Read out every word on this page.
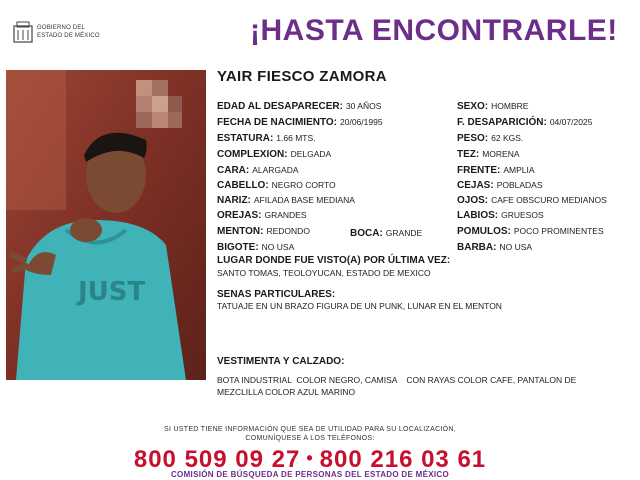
GOBIERNO DEL
ESTADO DE MÉXICO	¡HASTA ENCONTRARLE!
JUST
YAIR FIESCO ZAMORA
EDAD AL DESAPARECER: 30 AÑOS
FECHA DE NACIMIENTO: 20/06/1995
ESTATURA: 1.66 MTS.
COMPLEXION: DELGADA
CARA: ALARGADA
CABELLO: NEGRO CORTO
NARIZ: AFILADA BASE MEDIANA
OREJAS: GRANDES
MENTON: REDONDO	BOCA: GRANDE
BIGOTE: NO USA
SEXO: HOMBRE
F. DESAPARICIÓN: 04/07/2025
PESO: 62 KGS.
TEZ: MORENA
FRENTE: AMPLIA
CEJAS: POBLADAS
OJOS: CAFE OBSCURO MEDIANOS
LABIOS: GRUESOS
POMULOS: POCO PROMINENTES
BARBA: NO USA
LUGAR DONDE FUE VISTO(A) POR ÚLTIMA VEZ:
SANTO TOMAS, TEOLOYUCAN, ESTADO DE MEXICO
SENAS PARTICULARES:
TATUAJE EN UN BRAZO FIGURA DE UN PUNK, LUNAR EN EL MENTON
VESTIMENTA Y CALZADO:
BOTA INDUSTRIAL  COLOR NEGRO, CAMISA    CON RAYAS COLOR CAFE, PANTALON DE MEZCLILLA COLOR AZUL MARINO
SI USTED TIENE INFORMACIÓN QUE SEA DE UTILIDAD PARA SU LOCALIZACIÓN,
COMUNÍQUESE A LOS TELÉFONOS:
800 509 09 27 • 800 216 03 61
COMISIÓN DE BÚSQUEDA DE PERSONAS DEL ESTADO DE MÉXICO
